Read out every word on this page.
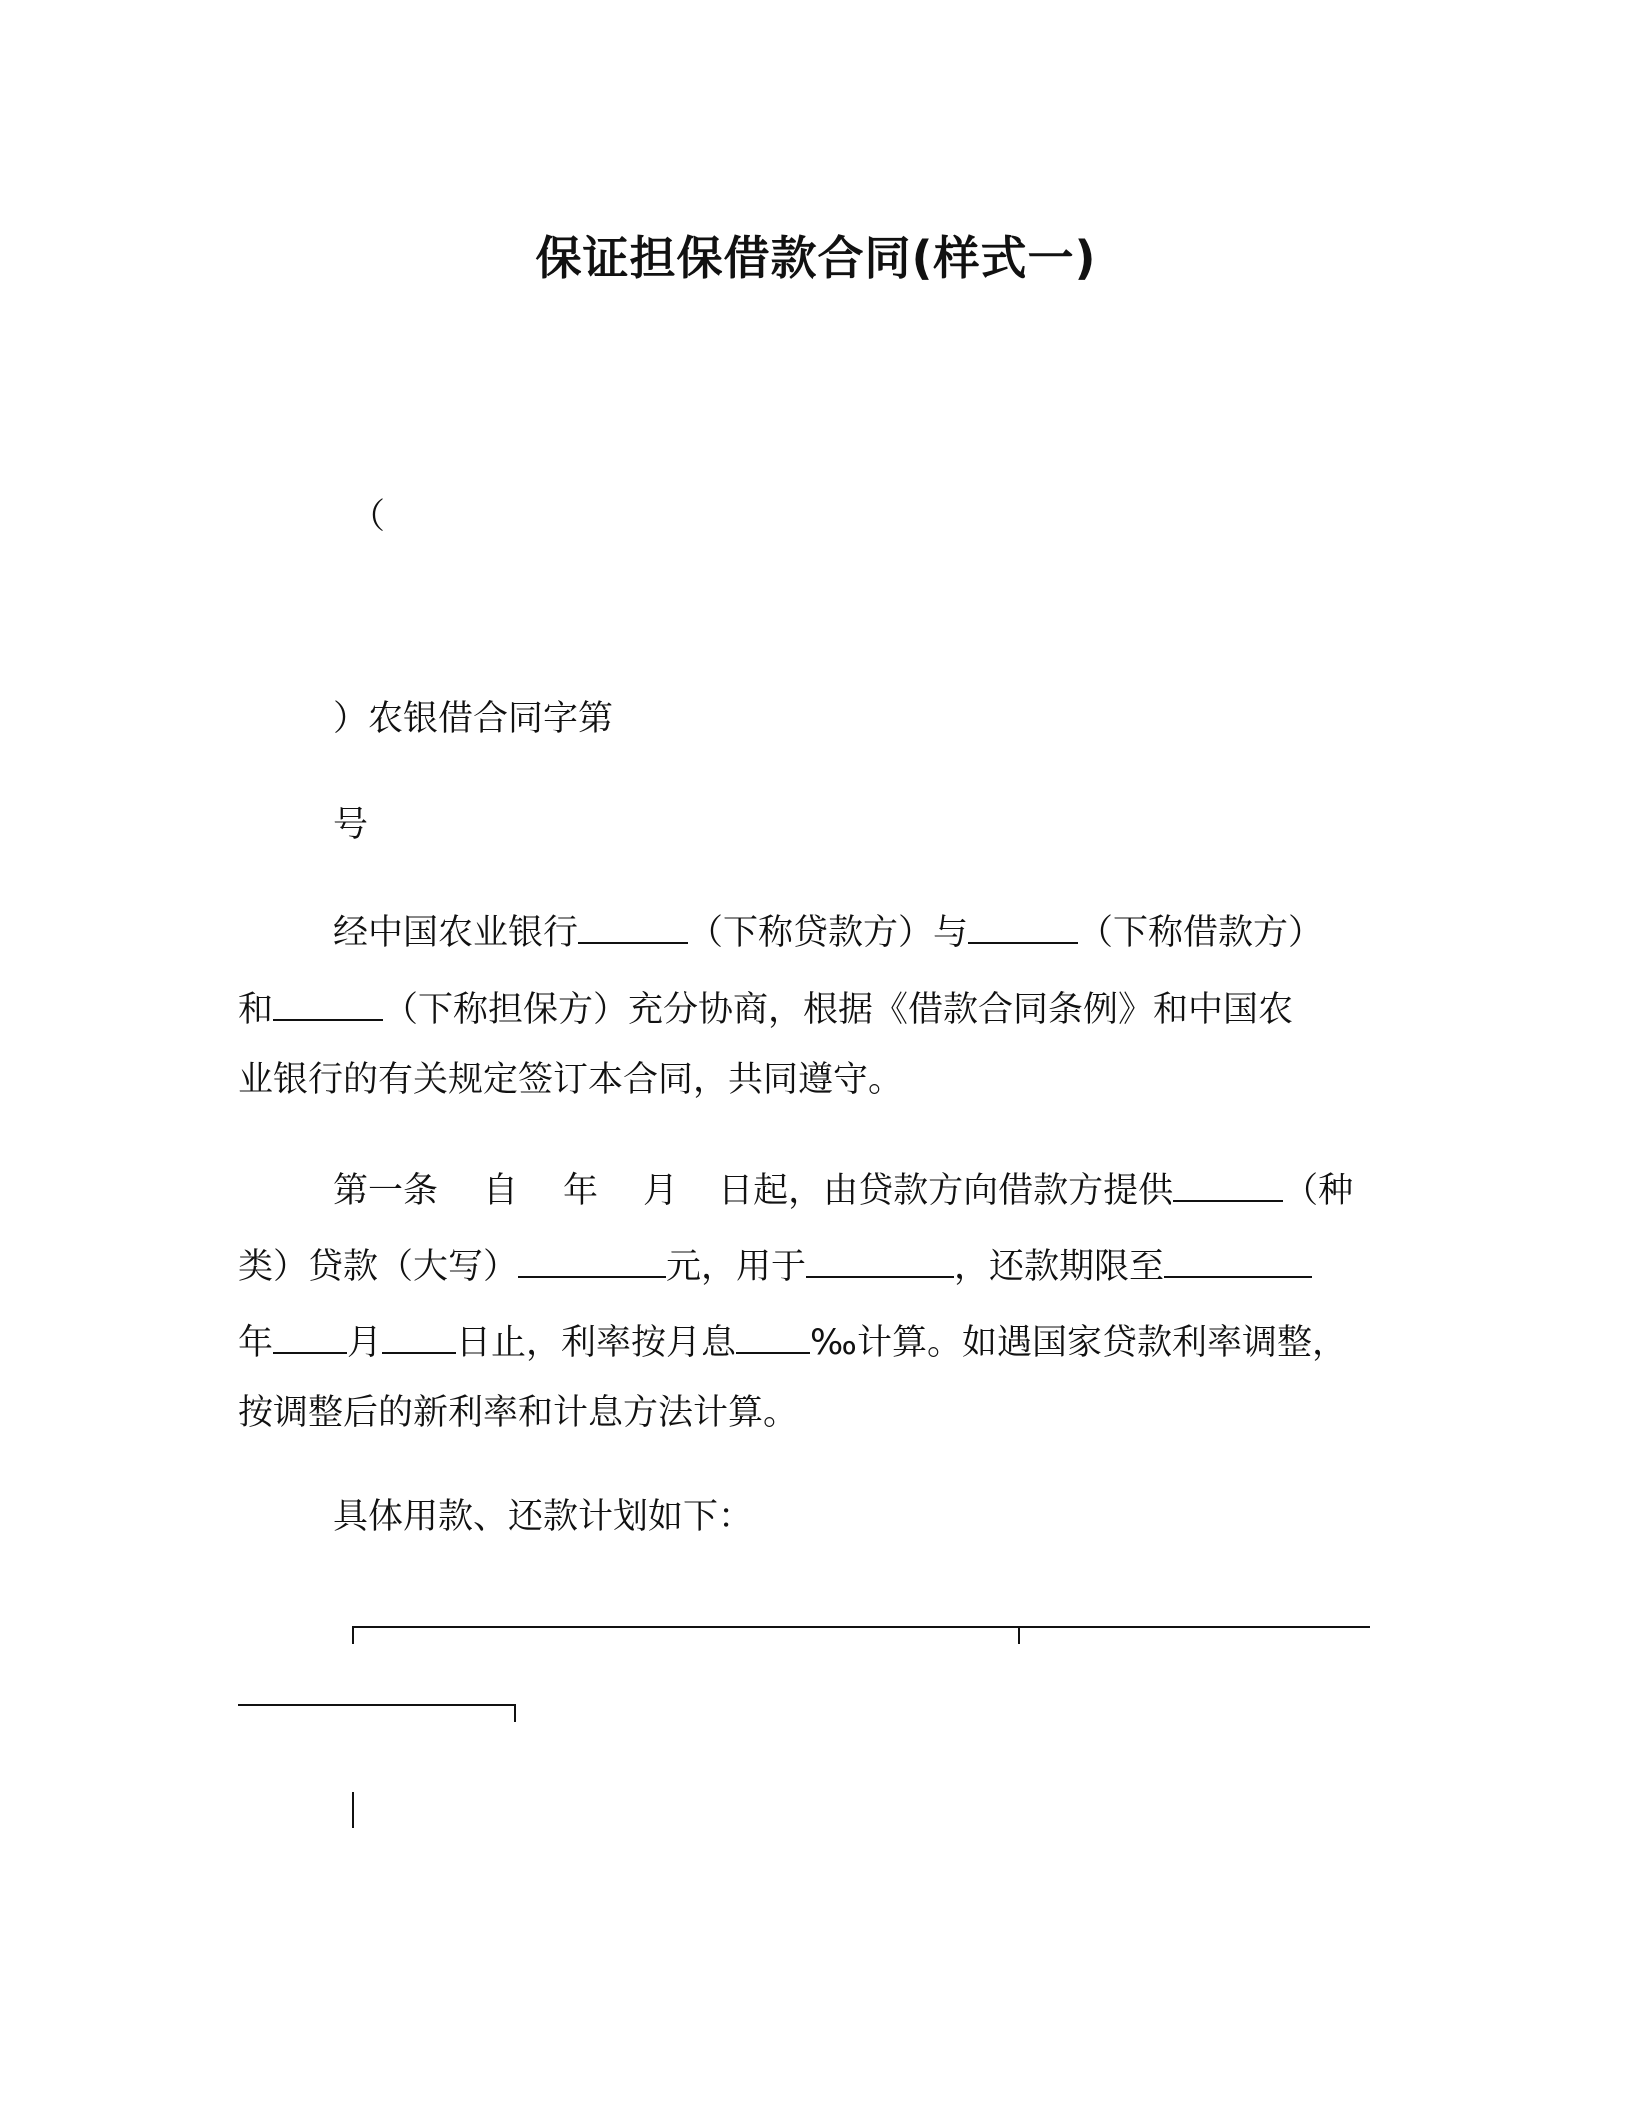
保证担保借款合同(样式一)
（
）农银借合同字第
号
经中国农业银行	（下称贷款方）与	（下称借款方）
和	（下称担保方）充分协商，根据《借款合同条例》和中国农
业银行的有关规定签订本合同，共同遵守。
第一条 自 年 月 日起，由贷款方向借款方提供	（种
类）贷款（大写）	元，用于	，还款期限至
年 月 日止，利率按月息 ‰计算。如遇国家贷款利率调整，
按调整后的新利率和计息方法计算。
具体用款、还款计划如下：
